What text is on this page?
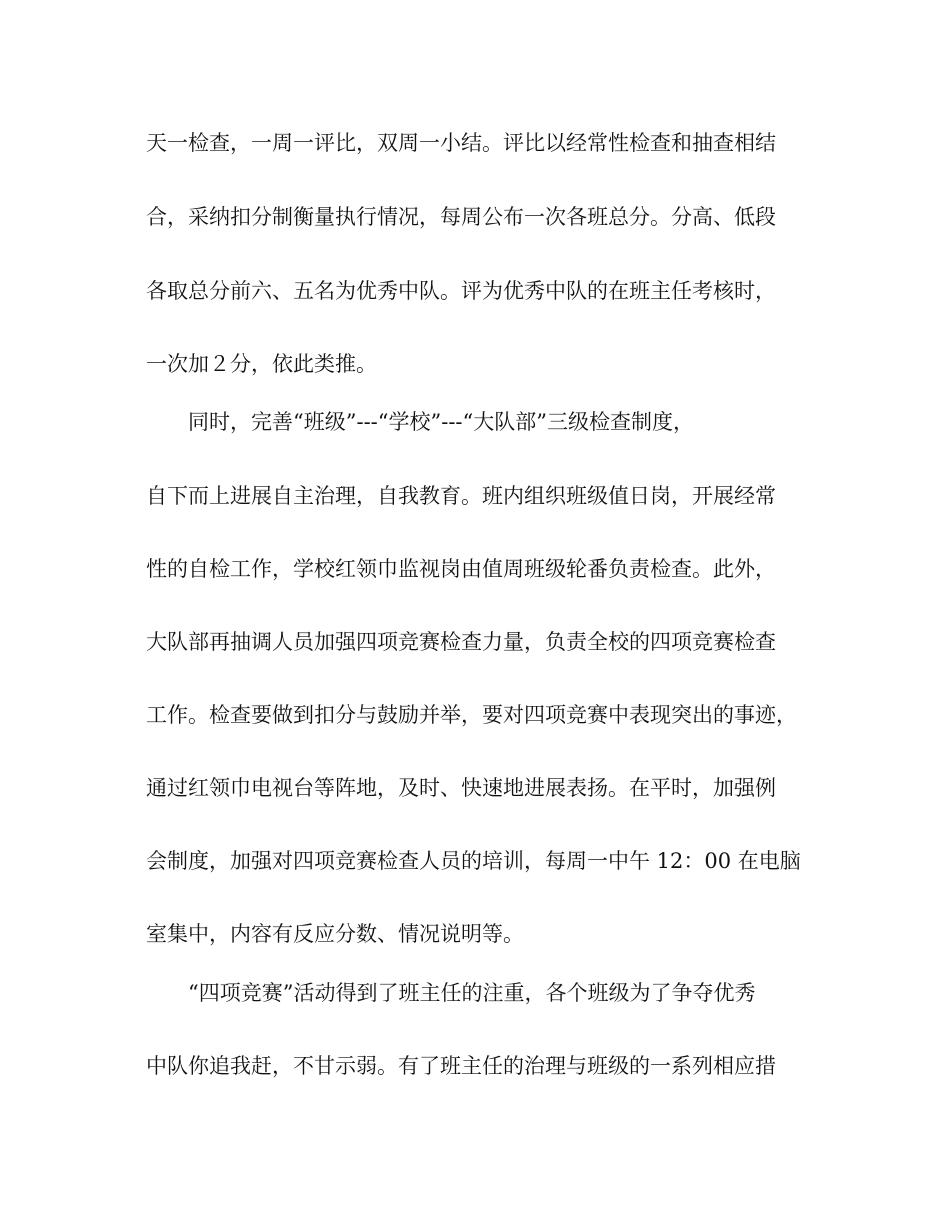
天一检查，一周一评比，双周一小结。评比以经常性检查和抽查相结
合，采纳扣分制衡量执行情况，每周公布一次各班总分。分高、低段
各取总分前六、五名为优秀中队。评为优秀中队的在班主任考核时，
一次加２分，依此类推。
同时，完善“班级”---“学校”---“大队部”三级检查制度，
自下而上进展自主治理，自我教育。班内组织班级值日岗，开展经常
性的自检工作，学校红领巾监视岗由值周班级轮番负责检查。此外，
大队部再抽调人员加强四项竞赛检查力量，负责全校的四项竞赛检查
工作。检查要做到扣分与鼓励并举，要对四项竞赛中表现突出的事迹，
通过红领巾电视台等阵地，及时、快速地进展表扬。在平时，加强例
会制度，加强对四项竞赛检查人员的培训，每周一中午 12：00 在电脑
室集中，内容有反应分数、情况说明等。
“四项竞赛”活动得到了班主任的注重，各个班级为了争夺优秀
中队你追我赶，不甘示弱。有了班主任的治理与班级的一系列相应措
